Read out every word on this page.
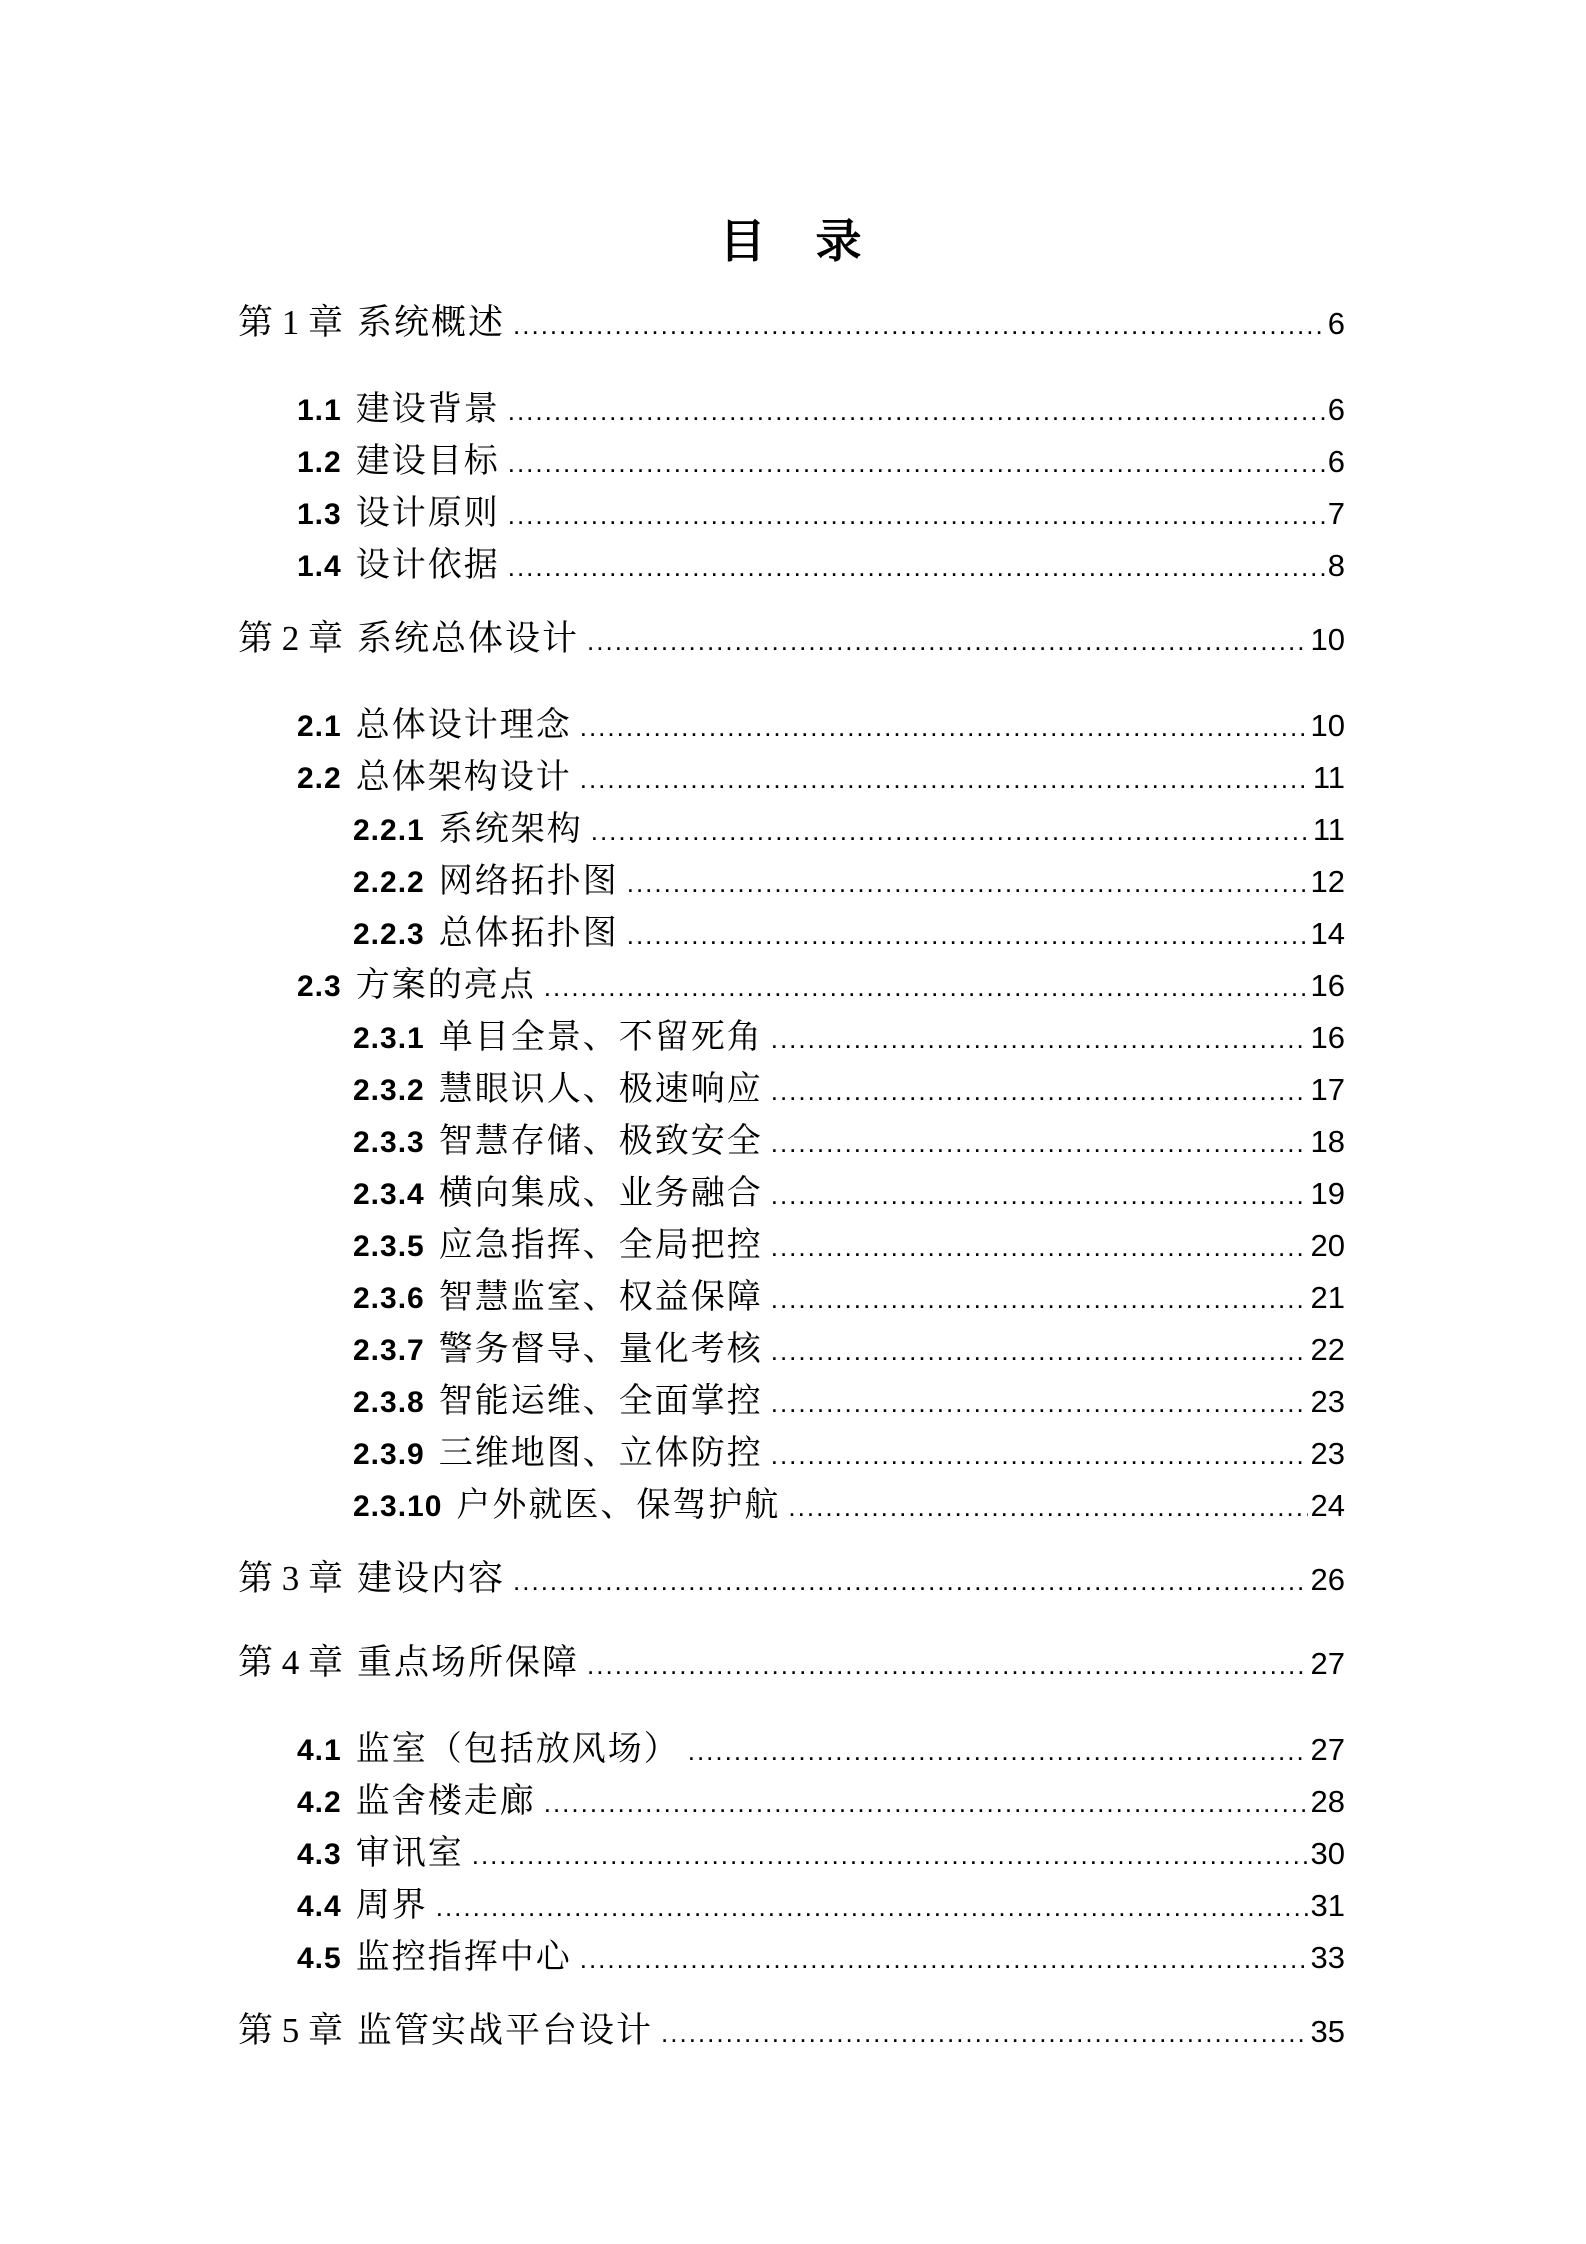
目　录
第 1 章 系统概述 .....	6
1.1 建设背景 .....	6
1.2 建设目标 .....	6
1.3 设计原则 .....	7
1.4 设计依据 .....	8
第 2 章 系统总体设计 .....	10
2.1 总体设计理念 .....	10
2.2 总体架构设计 .....	11
2.2.1 系统架构 .....	11
2.2.2 网络拓扑图 .....	12
2.2.3 总体拓扑图 .....	14
2.3 方案的亮点 .....	16
2.3.1 单目全景、不留死角 .....	16
2.3.2 慧眼识人、极速响应 .....	17
2.3.3 智慧存储、极致安全 .....	18
2.3.4 横向集成、业务融合 .....	19
2.3.5 应急指挥、全局把控 .....	20
2.3.6 智慧监室、权益保障 .....	21
2.3.7 警务督导、量化考核 .....	22
2.3.8 智能运维、全面掌控 .....	23
2.3.9 三维地图、立体防控 .....	23
2.3.10 户外就医、保驾护航 .....	24
第 3 章 建设内容 .....	26
第 4 章 重点场所保障 .....	27
4.1 监室（包括放风场） .....	27
4.2 监舍楼走廊 .....	28
4.3 审讯室 .....	30
4.4 周界 .....	31
4.5 监控指挥中心 .....	33
第 5 章 监管实战平台设计 .....	35
